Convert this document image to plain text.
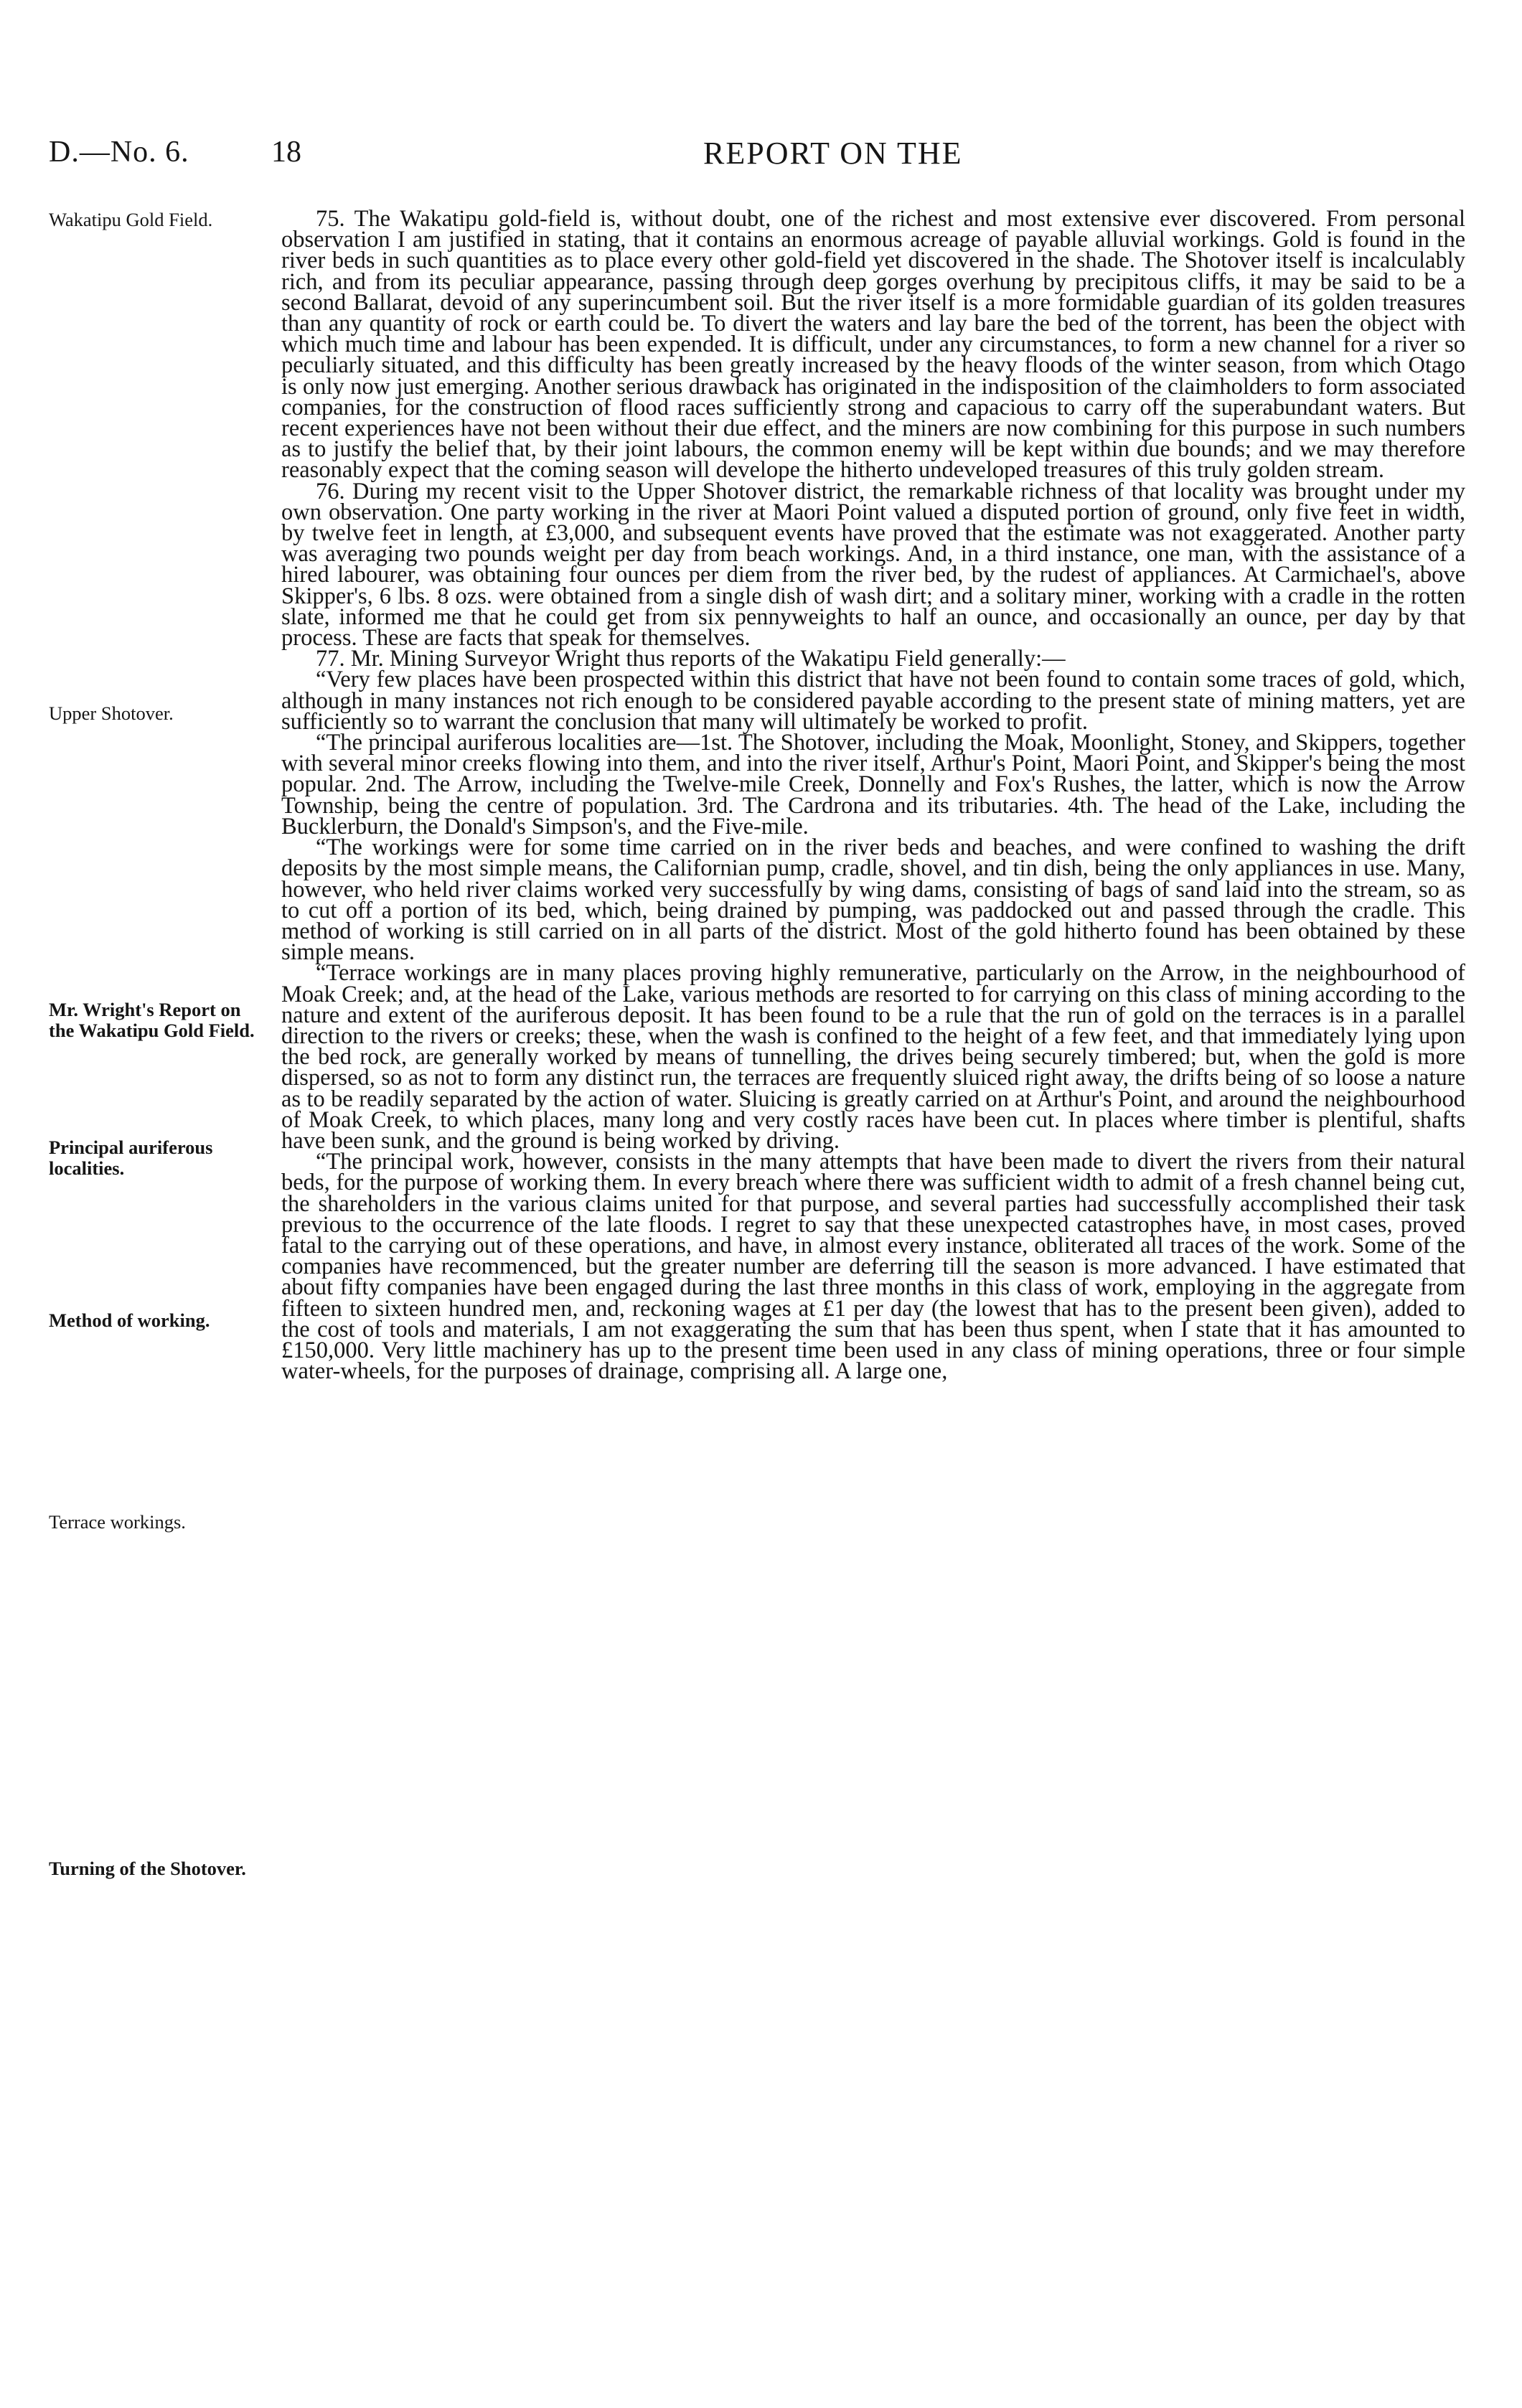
D.—No. 6.	18	REPORT ON THE
Wakatipu Gold Field.
Upper Shotover.
Mr. Wright's Report on the Wakatipu Gold Field.
Principal auriferous localities.
Method of working.
Terrace workings.
Turning of the Shotover.

75. The Wakatipu gold-field is, without doubt, one of the richest and most extensive ever discovered. From personal observation I am justified in stating, that it contains an enormous acreage of payable alluvial workings. Gold is found in the river beds in such quantities as to place every other gold-field yet discovered in the shade. The Shotover itself is incalculably rich, and from its peculiar appearance, passing through deep gorges overhung by precipitous cliffs, it may be said to be a second Ballarat, devoid of any superincumbent soil. But the river itself is a more formidable guardian of its golden treasures than any quantity of rock or earth could be. To divert the waters and lay bare the bed of the torrent, has been the object with which much time and labour has been expended. It is difficult, under any circumstances, to form a new channel for a river so peculiarly situated, and this difficulty has been greatly increased by the heavy floods of the winter season, from which Otago is only now just emerging. Another serious drawback has originated in the indisposition of the claimholders to form associated companies, for the construction of flood races sufficiently strong and capacious to carry off the superabundant waters. But recent experiences have not been without their due effect, and the miners are now combining for this purpose in such numbers as to justify the belief that, by their joint labours, the common enemy will be kept within due bounds; and we may therefore reasonably expect that the coming season will develope the hitherto undeveloped treasures of this truly golden stream.

76. During my recent visit to the Upper Shotover district, the remarkable richness of that locality was brought under my own observation. One party working in the river at Maori Point valued a disputed portion of ground, only five feet in width, by twelve feet in length, at £3,000, and subsequent events have proved that the estimate was not exaggerated. Another party was averaging two pounds weight per day from beach workings. And, in a third instance, one man, with the assistance of a hired labourer, was obtaining four ounces per diem from the river bed, by the rudest of appliances. At Carmichael's, above Skipper's, 6 lbs. 8 ozs. were obtained from a single dish of wash dirt; and a solitary miner, working with a cradle in the rotten slate, informed me that he could get from six pennyweights to half an ounce, and occasionally an ounce, per day by that process. These are facts that speak for themselves.

77. Mr. Mining Surveyor Wright thus reports of the Wakatipu Field generally:—

“Very few places have been prospected within this district that have not been found to contain some traces of gold, which, although in many instances not rich enough to be considered payable according to the present state of mining matters, yet are sufficiently so to warrant the conclusion that many will ultimately be worked to profit.

“The principal auriferous localities are—1st. The Shotover, including the Moak, Moonlight, Stoney, and Skippers, together with several minor creeks flowing into them, and into the river itself, Arthur's Point, Maori Point, and Skipper's being the most popular. 2nd. The Arrow, including the Twelve-mile Creek, Donnelly and Fox's Rushes, the latter, which is now the Arrow Township, being the centre of population. 3rd. The Cardrona and its tributaries. 4th. The head of the Lake, including the Bucklerburn, the Donald's Simpson's, and the Five-mile.

“The workings were for some time carried on in the river beds and beaches, and were confined to washing the drift deposits by the most simple means, the Californian pump, cradle, shovel, and tin dish, being the only appliances in use. Many, however, who held river claims worked very successfully by wing dams, consisting of bags of sand laid into the stream, so as to cut off a portion of its bed, which, being drained by pumping, was paddocked out and passed through the cradle. This method of working is still carried on in all parts of the district. Most of the gold hitherto found has been obtained by these simple means.

“Terrace workings are in many places proving highly remunerative, particularly on the Arrow, in the neighbourhood of Moak Creek; and, at the head of the Lake, various methods are resorted to for carrying on this class of mining according to the nature and extent of the auriferous deposit. It has been found to be a rule that the run of gold on the terraces is in a parallel direction to the rivers or creeks; these, when the wash is confined to the height of a few feet, and that immediately lying upon the bed rock, are generally worked by means of tunnelling, the drives being securely timbered; but, when the gold is more dispersed, so as not to form any distinct run, the terraces are frequently sluiced right away, the drifts being of so loose a nature as to be readily separated by the action of water. Sluicing is greatly carried on at Arthur's Point, and around the neighbourhood of Moak Creek, to which places, many long and very costly races have been cut. In places where timber is plentiful, shafts have been sunk, and the ground is being worked by driving.

“The principal work, however, consists in the many attempts that have been made to divert the rivers from their natural beds, for the purpose of working them. In every breach where there was sufficient width to admit of a fresh channel being cut, the shareholders in the various claims united for that purpose, and several parties had successfully accomplished their task previous to the occurrence of the late floods. I regret to say that these unexpected catastrophes have, in most cases, proved fatal to the carrying out of these operations, and have, in almost every instance, obliterated all traces of the work. Some of the companies have recommenced, but the greater number are deferring till the season is more advanced. I have estimated that about fifty companies have been engaged during the last three months in this class of work, employing in the aggregate from fifteen to sixteen hundred men, and, reckoning wages at £1 per day (the lowest that has to the present been given), added to the cost of tools and materials, I am not exaggerating the sum that has been thus spent, when I state that it has amounted to £150,000. Very little machinery has up to the present time been used in any class of mining operations, three or four simple water-wheels, for the purposes of drainage, comprising all. A large one,
